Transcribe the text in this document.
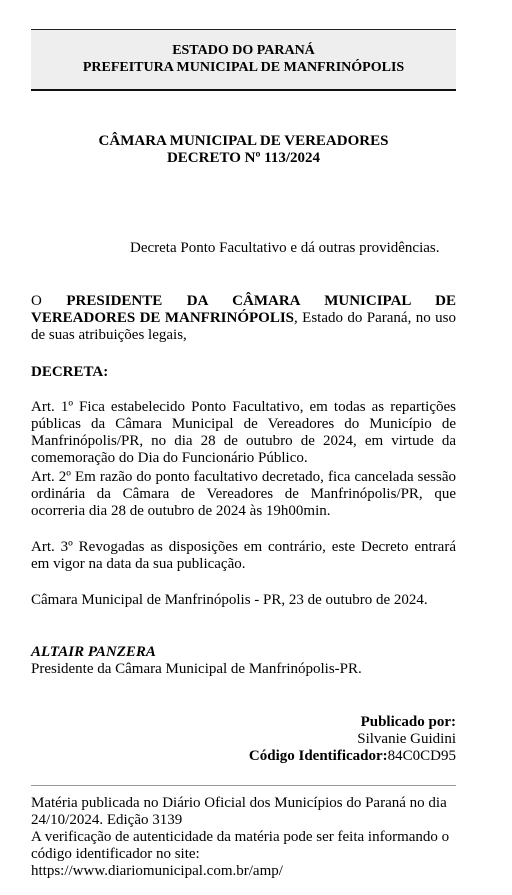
ESTADO DO PARANÁ
PREFEITURA MUNICIPAL DE MANFRINÓPOLIS
CÂMARA MUNICIPAL DE VEREADORES
DECRETO Nº 113/2024
Decreta Ponto Facultativo e dá outras providências.
O PRESIDENTE DA CÂMARA MUNICIPAL DE VEREADORES DE MANFRINÓPOLIS, Estado do Paraná, no uso de suas atribuições legais,
DECRETA:
Art. 1º Fica estabelecido Ponto Facultativo, em todas as repartições públicas da Câmara Municipal de Vereadores do Município de Manfrinópolis/PR, no dia 28 de outubro de 2024, em virtude da comemoração do Dia do Funcionário Público.
Art. 2º Em razão do ponto facultativo decretado, fica cancelada sessão ordinária da Câmara de Vereadores de Manfrinópolis/PR, que ocorreria dia 28 de outubro de 2024 às 19h00min.
Art. 3º Revogadas as disposições em contrário, este Decreto entrará em vigor na data da sua publicação.
Câmara Municipal de Manfrinópolis - PR, 23 de outubro de 2024.
ALTAIR PANZERA
Presidente da Câmara Municipal de Manfrinópolis-PR.
Publicado por:
Silvanie Guidini
Código Identificador:84C0CD95
Matéria publicada no Diário Oficial dos Municípios do Paraná no dia 24/10/2024. Edição 3139
A verificação de autenticidade da matéria pode ser feita informando o código identificador no site:
https://www.diariomunicipal.com.br/amp/
